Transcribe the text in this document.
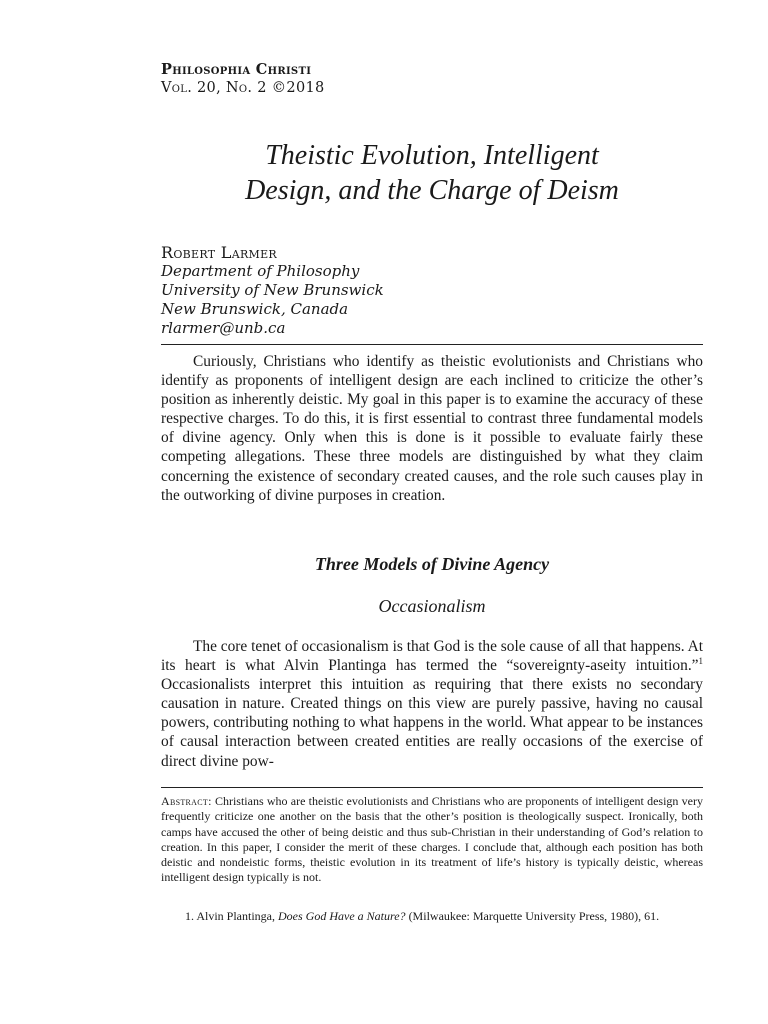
Philosophia Christi
Vol. 20, No. 2 ©2018
Theistic Evolution, Intelligent
Design, and the Charge of Deism
Robert Larmer
Department of Philosophy
University of New Brunswick
New Brunswick, Canada
rlarmer@unb.ca

Curiously, Christians who identify as theistic evolutionists and Christians who identify as proponents of intelligent design are each inclined to criticize the other’s position as inherently deistic. My goal in this paper is to examine the accuracy of these respective charges. To do this, it is first essential to contrast three fundamental models of divine agency. Only when this is done is it possible to evaluate fairly these competing allegations. These three models are distinguished by what they claim concerning the existence of secondary created causes, and the role such causes play in the outworking of divine purposes in creation.

Three Models of Divine Agency
Occasionalism

The core tenet of occasionalism is that God is the sole cause of all that happens. At its heart is what Alvin Plantinga has termed the “sovereignty-aseity intuition.”$^1$ Occasionalists interpret this intuition as requiring that there exists no secondary causation in nature. Created things on this view are purely passive, having no causal powers, contributing nothing to what happens in the world. What appear to be instances of causal interaction between created entities are really occasions of the exercise of direct divine pow-

Abstract: Christians who are theistic evolutionists and Christians who are proponents of intelligent design very frequently criticize one another on the basis that the other’s position is theologically suspect. Ironically, both camps have accused the other of being deistic and thus sub-Christian in their understanding of God’s relation to creation. In this paper, I consider the merit of these charges. I conclude that, although each position has both deistic and nondeistic forms, theistic evolution in its treatment of life’s history is typically deistic, whereas intelligent design typically is not.

1. Alvin Plantinga, Does God Have a Nature? (Milwaukee: Marquette University Press, 1980), 61.
